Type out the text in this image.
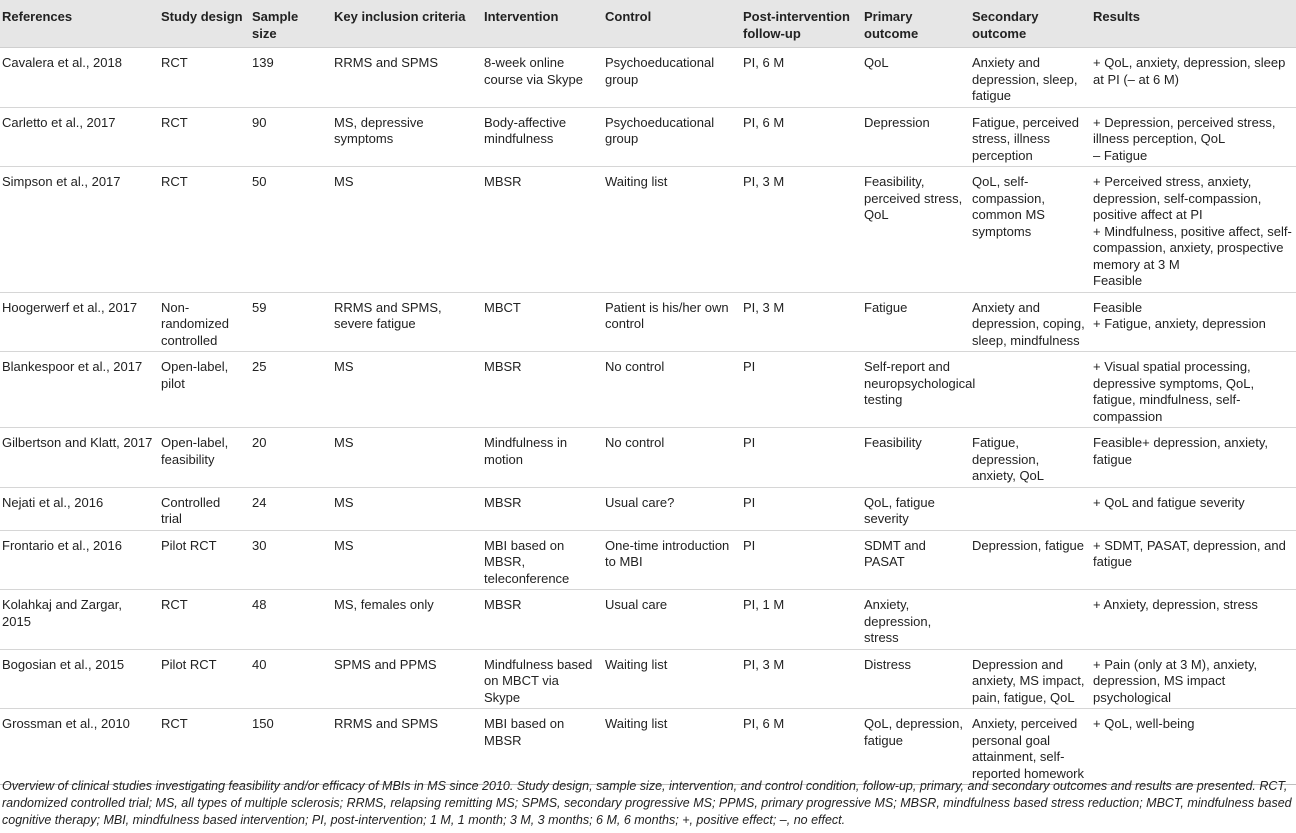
References	Study design	Sample size	Key inclusion criteria	Intervention	Control	Post-intervention follow-up	Primary outcome	Secondary outcome	Results
Cavalera et al., 2018	RCT	139	RRMS and SPMS	8-week online course via Skype	Psychoeducational group	PI, 6 M	QoL	Anxiety and depression, sleep, fatigue	+ QoL, anxiety, depression, sleep at PI (– at 6 M)
Carletto et al., 2017	RCT	90	MS, depressive symptoms	Body-affective mindfulness	Psychoeducational group	PI, 6 M	Depression	Fatigue, perceived stress, illness perception	+ Depression, perceived stress, illness perception, QoL
– Fatigue
Simpson et al., 2017	RCT	50	MS	MBSR	Waiting list	PI, 3 M	Feasibility, perceived stress, QoL	QoL, self-compassion, common MS symptoms	+ Perceived stress, anxiety, depression, self-compassion, positive affect at PI
+ Mindfulness, positive affect, self-compassion, anxiety, prospective memory at 3 M
Feasible
Hoogerwerf et al., 2017	Non-randomized controlled	59	RRMS and SPMS, severe fatigue	MBCT	Patient is his/her own control	PI, 3 M	Fatigue	Anxiety and depression, coping, sleep, mindfulness	Feasible
+ Fatigue, anxiety, depression
Blankespoor et al., 2017	Open-label, pilot	25	MS	MBSR	No control	PI	Self-report and neuropsychological testing		+ Visual spatial processing, depressive symptoms, QoL, fatigue, mindfulness, self-compassion
Gilbertson and Klatt, 2017	Open-label, feasibility	20	MS	Mindfulness in motion	No control	PI	Feasibility	Fatigue, depression, anxiety, QoL	Feasible+ depression, anxiety, fatigue
Nejati et al., 2016	Controlled trial	24	MS	MBSR	Usual care?	PI	QoL, fatigue severity		+ QoL and fatigue severity
Frontario et al., 2016	Pilot RCT	30	MS	MBI based on MBSR, teleconference	One-time introduction to MBI	PI	SDMT and PASAT	Depression, fatigue	+ SDMT, PASAT, depression, and fatigue
Kolahkaj and Zargar, 2015	RCT	48	MS, females only	MBSR	Usual care	PI, 1 M	Anxiety, depression, stress		+ Anxiety, depression, stress
Bogosian et al., 2015	Pilot RCT	40	SPMS and PPMS	Mindfulness based on MBCT via Skype	Waiting list	PI, 3 M	Distress	Depression and anxiety, MS impact, pain, fatigue, QoL	+ Pain (only at 3 M), anxiety, depression, MS impact psychological
Grossman et al., 2010	RCT	150	RRMS and SPMS	MBI based on MBSR	Waiting list	PI, 6 M	QoL, depression, fatigue	Anxiety, perceived personal goal attainment, self-reported homework	+ QoL, well-being
Overview of clinical studies investigating feasibility and/or efficacy of MBIs in MS since 2010. Study design, sample size, intervention, and control condition, follow-up, primary, and secondary outcomes and results are presented. RCT, randomized controlled trial; MS, all types of multiple sclerosis; RRMS, relapsing remitting MS; SPMS, secondary progressive MS; PPMS, primary progressive MS; MBSR, mindfulness based stress reduction; MBCT, mindfulness based cognitive therapy; MBI, mindfulness based intervention; PI, post-intervention; 1 M, 1 month; 3 M, 3 months; 6 M, 6 months; +, positive effect; –, no effect.
